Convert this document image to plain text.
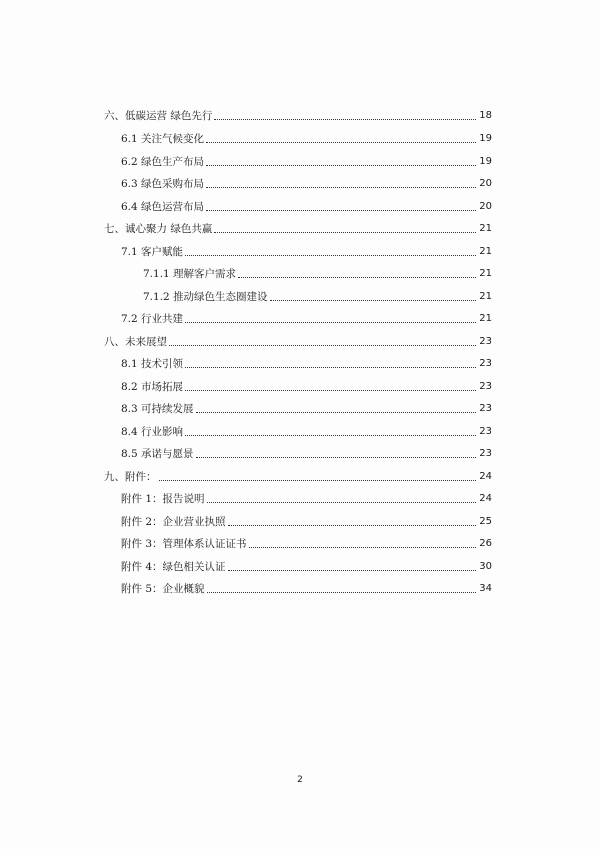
六、低碳运营 绿色先行	18
6.1 关注气候变化	19
6.2 绿色生产布局	19
6.3 绿色采购布局	20
6.4 绿色运营布局	20
七、诚心聚力 绿色共赢	21
7.1 客户赋能	21
7.1.1 理解客户需求	21
7.1.2 推动绿色生态圈建设	21
7.2 行业共建	21
八、未来展望	23
8.1 技术引领	23
8.2 市场拓展	23
8.3 可持续发展	23
8.4 行业影响	23
8.5 承诺与愿景	23
九、附件：	24
附件 1：报告说明	24
附件 2：企业营业执照	25
附件 3：管理体系认证证书	26
附件 4：绿色相关认证	30
附件 5：企业概貌	34
2
